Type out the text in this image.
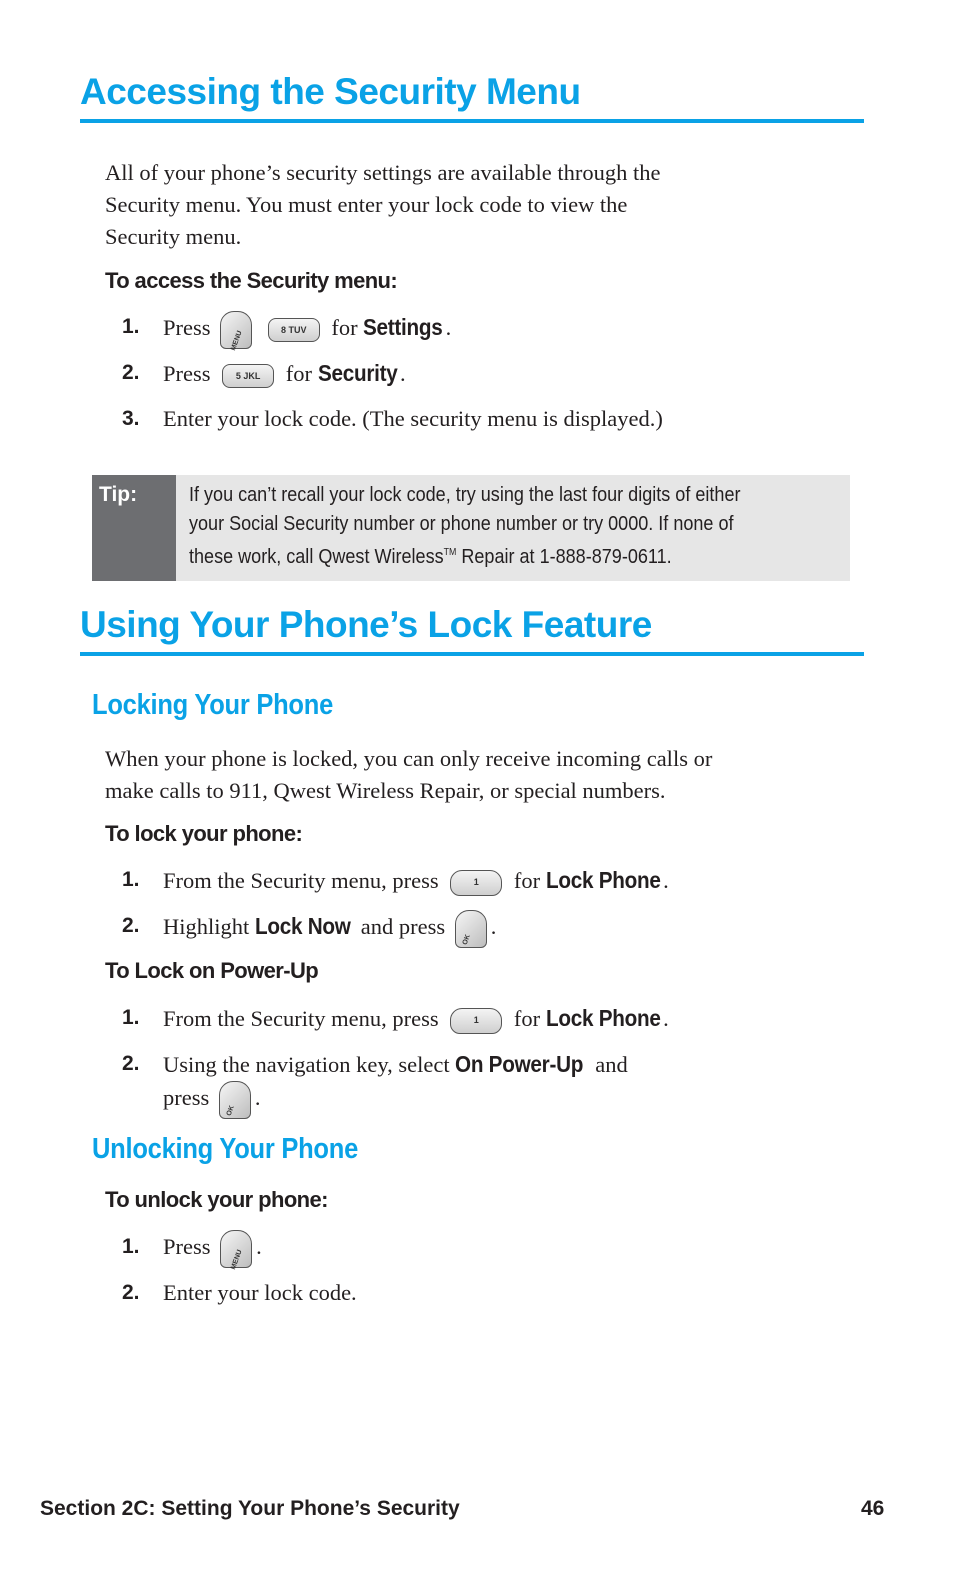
Accessing the Security Menu
All of your phone’s security settings are available through the
Security menu. You must enter your lock code to view the
Security menu.
To access the Security menu:
1. Press
MENU	8 TUV for Settings .
2. Press	5 JKL for Security .
3. Enter your lock code. (The security menu is displayed.)
Tip:	If you can’t recall your lock code, try using the last four digits of either
your Social Security number or phone number or try 0000. If none of
these work, call Qwest Wireless™ Repair at 1-888-879-0611.
Using Your Phone’s Lock Feature
Locking Your Phone
When your phone is locked, you can only receive incoming calls or
make calls to 911, Qwest Wireless Repair, or special numbers.
To lock your phone:
1. From the Security menu, press	1 for Lock Phone .
2. Highlight Lock Now and press
OK
.
To Lock on Power-Up
1. From the Security menu, press	1 for Lock Phone .
2. Using the navigation key, select On Power-Up and
press
OK
.
Unlocking Your Phone
To unlock your phone:
1. Press
MENU
.
2. Enter your lock code.
Section 2C: Setting Your Phone’s Security	46
